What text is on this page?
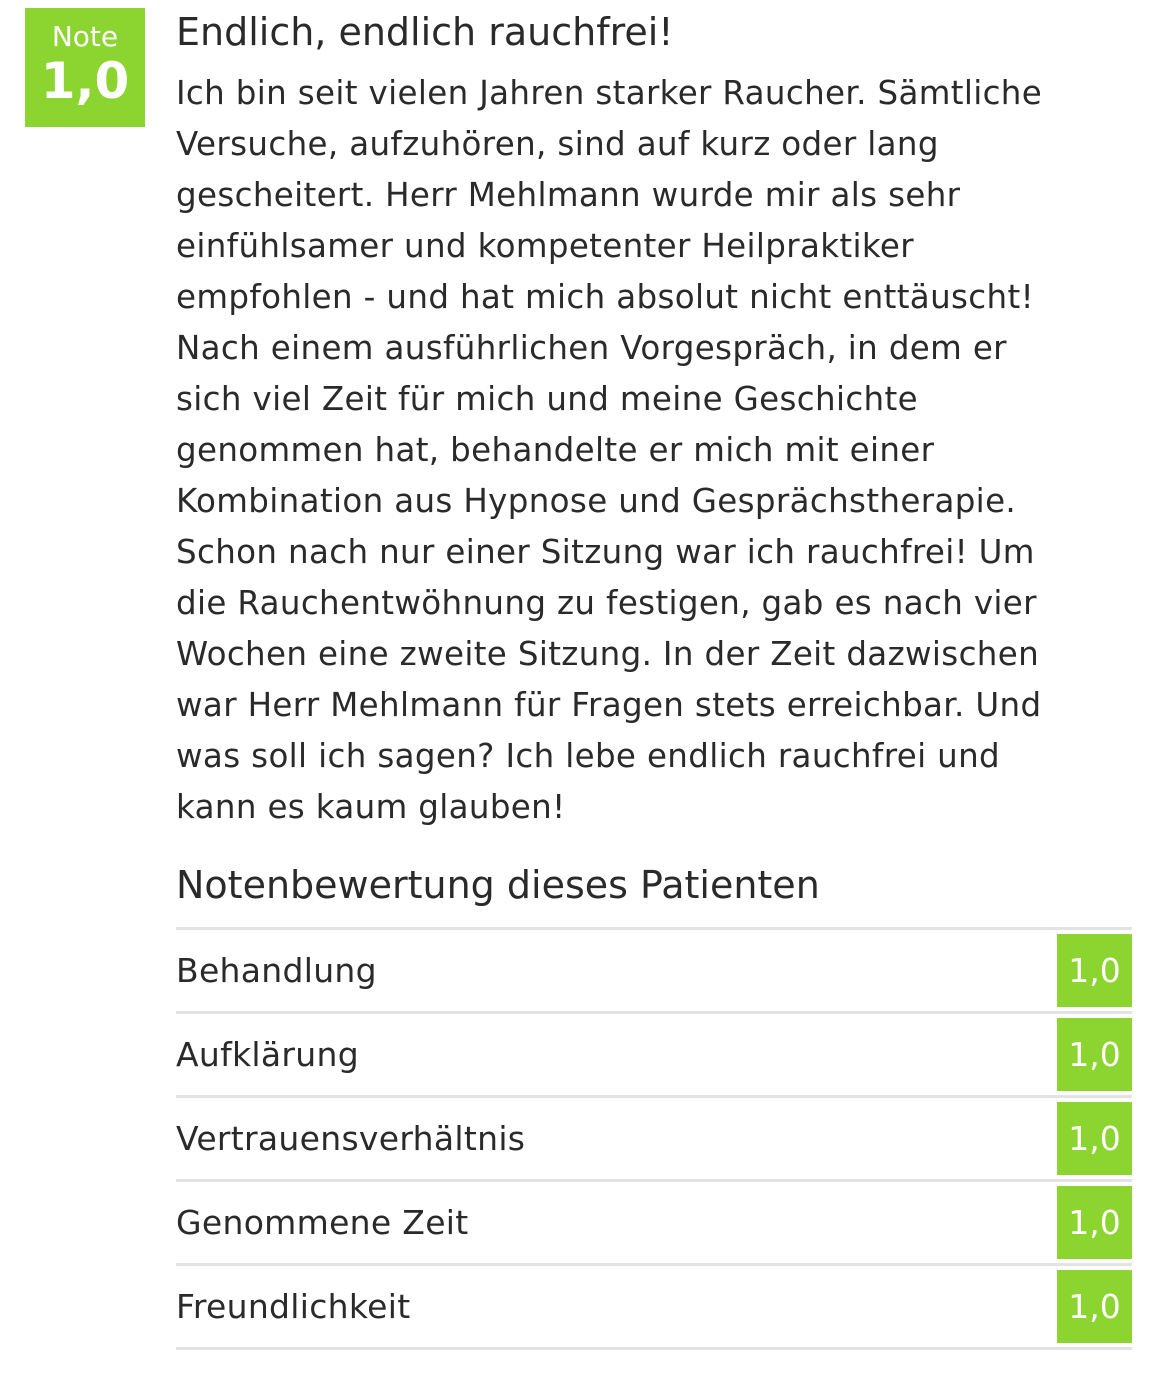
Note
1,0
Endlich, endlich rauchfrei!

Ich bin seit vielen Jahren starker Raucher. Sämtliche
Versuche, aufzuhören, sind auf kurz oder lang
gescheitert. Herr Mehlmann wurde mir als sehr
einfühlsamer und kompetenter Heilpraktiker
empfohlen - und hat mich absolut nicht enttäuscht!
Nach einem ausführlichen Vorgespräch, in dem er
sich viel Zeit für mich und meine Geschichte
genommen hat, behandelte er mich mit einer
Kombination aus Hypnose und Gesprächstherapie.
Schon nach nur einer Sitzung war ich rauchfrei! Um
die Rauchentwöhnung zu festigen, gab es nach vier
Wochen eine zweite Sitzung. In der Zeit dazwischen
war Herr Mehlmann für Fragen stets erreichbar. Und
was soll ich sagen? Ich lebe endlich rauchfrei und
kann es kaum glauben!

Notenbewertung dieses Patienten
Behandlung	1,0
Aufklärung	1,0
Vertrauensverhältnis	1,0
Genommene Zeit	1,0
Freundlichkeit	1,0
